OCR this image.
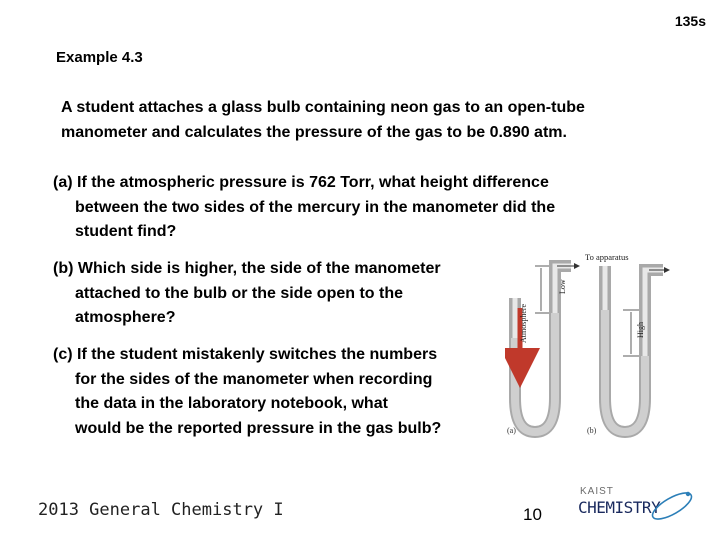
135s
Example 4.3
A student attaches a glass bulb containing neon gas to an open-tube
manometer and calculates the pressure of the gas to be 0.890 atm.
(a) If the atmospheric pressure is 762 Torr, what height difference
between the two sides of the mercury in the manometer did the
student find?
(b) Which side is higher, the side of the manometer
attached to the bulb or the side open to the
atmosphere?
(c) If the student mistakenly switches the numbers
for the sides of the manometer when recording
the data in the laboratory notebook, what
would be the reported pressure in the gas bulb?
To apparatus
Atmosphere
Low
High
(a)	(b)
2013 General Chemistry I	10
KAIST
CHEMISTRY
